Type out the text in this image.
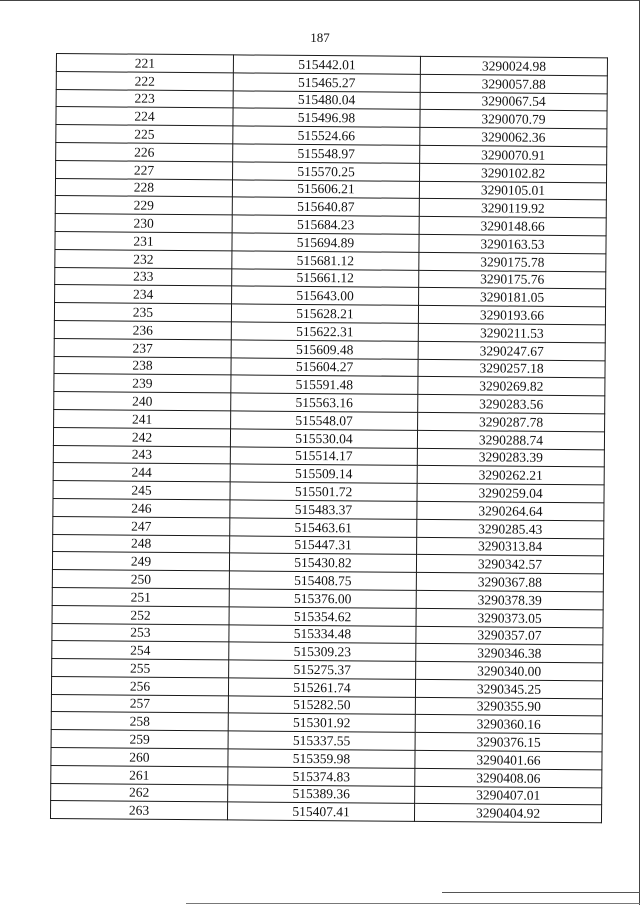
187
221	515442.01	3290024.98
222	515465.27	3290057.88
223	515480.04	3290067.54
224	515496.98	3290070.79
225	515524.66	3290062.36
226	515548.97	3290070.91
227	515570.25	3290102.82
228	515606.21	3290105.01
229	515640.87	3290119.92
230	515684.23	3290148.66
231	515694.89	3290163.53
232	515681.12	3290175.78
233	515661.12	3290175.76
234	515643.00	3290181.05
235	515628.21	3290193.66
236	515622.31	3290211.53
237	515609.48	3290247.67
238	515604.27	3290257.18
239	515591.48	3290269.82
240	515563.16	3290283.56
241	515548.07	3290287.78
242	515530.04	3290288.74
243	515514.17	3290283.39
244	515509.14	3290262.21
245	515501.72	3290259.04
246	515483.37	3290264.64
247	515463.61	3290285.43
248	515447.31	3290313.84
249	515430.82	3290342.57
250	515408.75	3290367.88
251	515376.00	3290378.39
252	515354.62	3290373.05
253	515334.48	3290357.07
254	515309.23	3290346.38
255	515275.37	3290340.00
256	515261.74	3290345.25
257	515282.50	3290355.90
258	515301.92	3290360.16
259	515337.55	3290376.15
260	515359.98	3290401.66
261	515374.83	3290408.06
262	515389.36	3290407.01
263	515407.41	3290404.92
